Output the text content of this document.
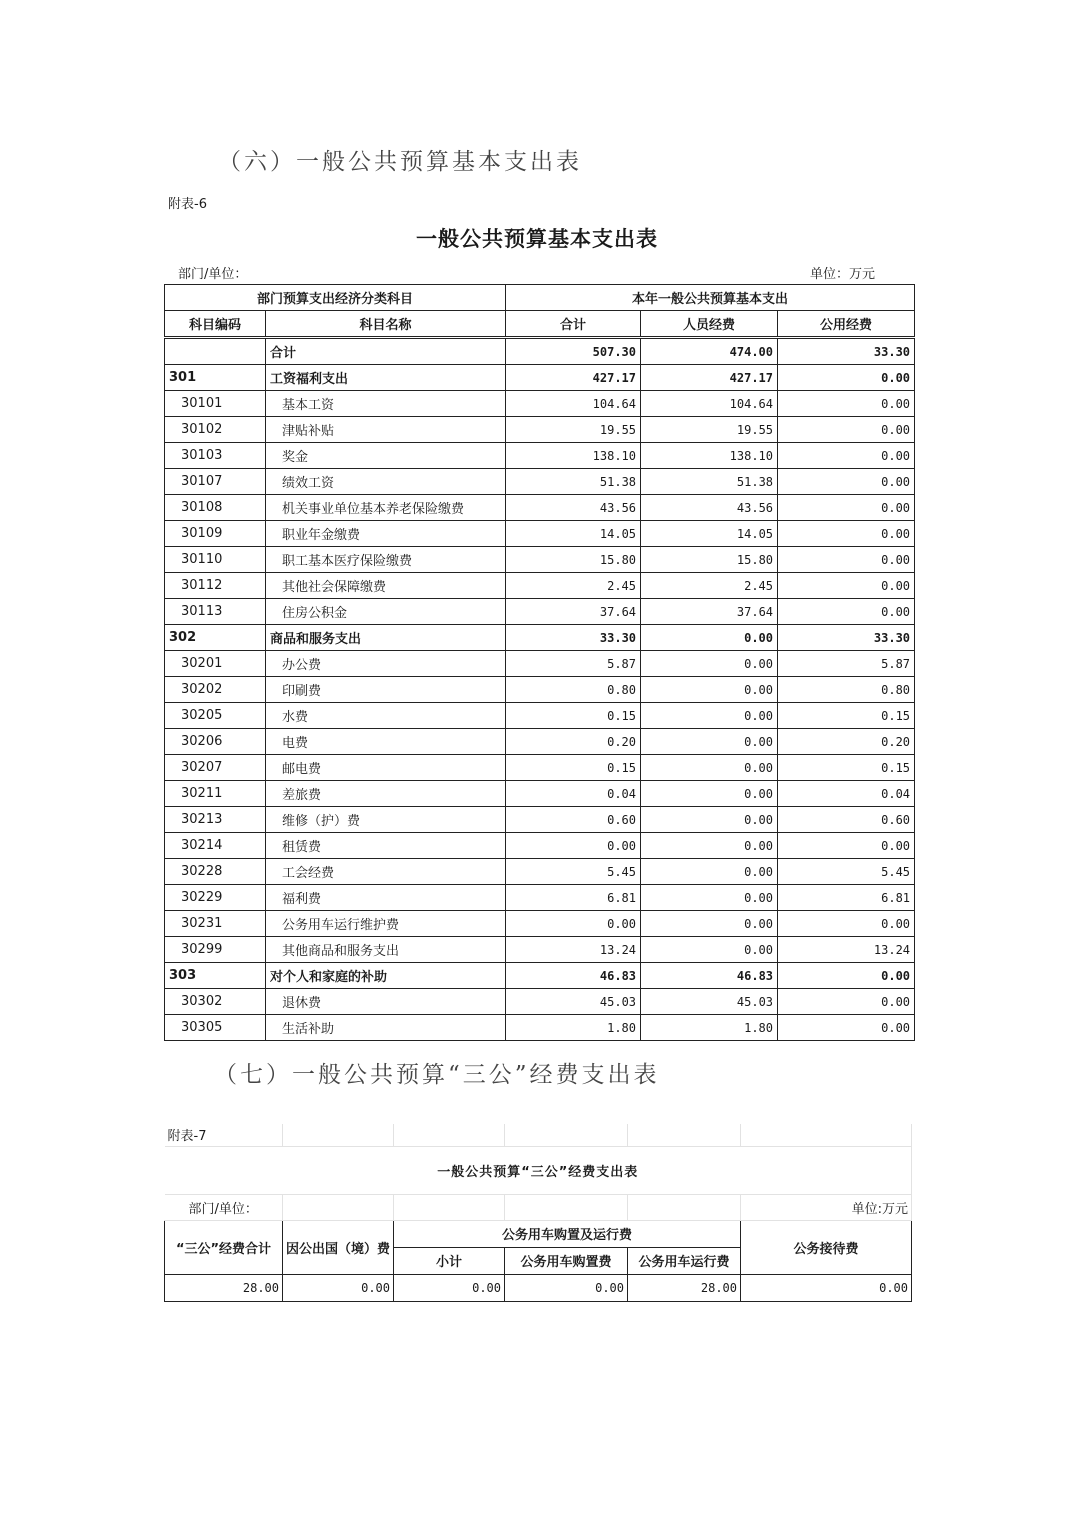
（六）一般公共预算基本支出表
附表-6
一般公共预算基本支出表
部门/单位：	单位：万元
部门预算支出经济分类科目		本年一般公共预算基本支出		
科目编码	科目名称	合计	人员经费	公用经费
	合计	507.30	474.00	33.30
301	工资福利支出	427.17	427.17	0.00
30101	基本工资	104.64	104.64	0.00
30102	津贴补贴	19.55	19.55	0.00
30103	奖金	138.10	138.10	0.00
30107	绩效工资	51.38	51.38	0.00
30108	机关事业单位基本养老保险缴费	43.56	43.56	0.00
30109	职业年金缴费	14.05	14.05	0.00
30110	职工基本医疗保险缴费	15.80	15.80	0.00
30112	其他社会保障缴费	2.45	2.45	0.00
30113	住房公积金	37.64	37.64	0.00
302	商品和服务支出	33.30	0.00	33.30
30201	办公费	5.87	0.00	5.87
30202	印刷费	0.80	0.00	0.80
30205	水费	0.15	0.00	0.15
30206	电费	0.20	0.00	0.20
30207	邮电费	0.15	0.00	0.15
30211	差旅费	0.04	0.00	0.04
30213	维修（护）费	0.60	0.00	0.60
30214	租赁费	0.00	0.00	0.00
30228	工会经费	5.45	0.00	5.45
30229	福利费	6.81	0.00	6.81
30231	公务用车运行维护费	0.00	0.00	0.00
30299	其他商品和服务支出	13.24	0.00	13.24
303	对个人和家庭的补助	46.83	46.83	0.00
30302	退休费	45.03	45.03	0.00
30305	生活补助	1.80	1.80	0.00
（七）一般公共预算“三公”经费支出表
附表-7					
一般公共预算“三公”经费支出表					
部门/单位：					单位:万元
“三公”经费合计	因公出国（境）费	公务用车购置及运行费			公务接待费
		小计	公务用车购置费	公务用车运行费	
28.00	0.00	0.00	0.00	28.00	0.00
